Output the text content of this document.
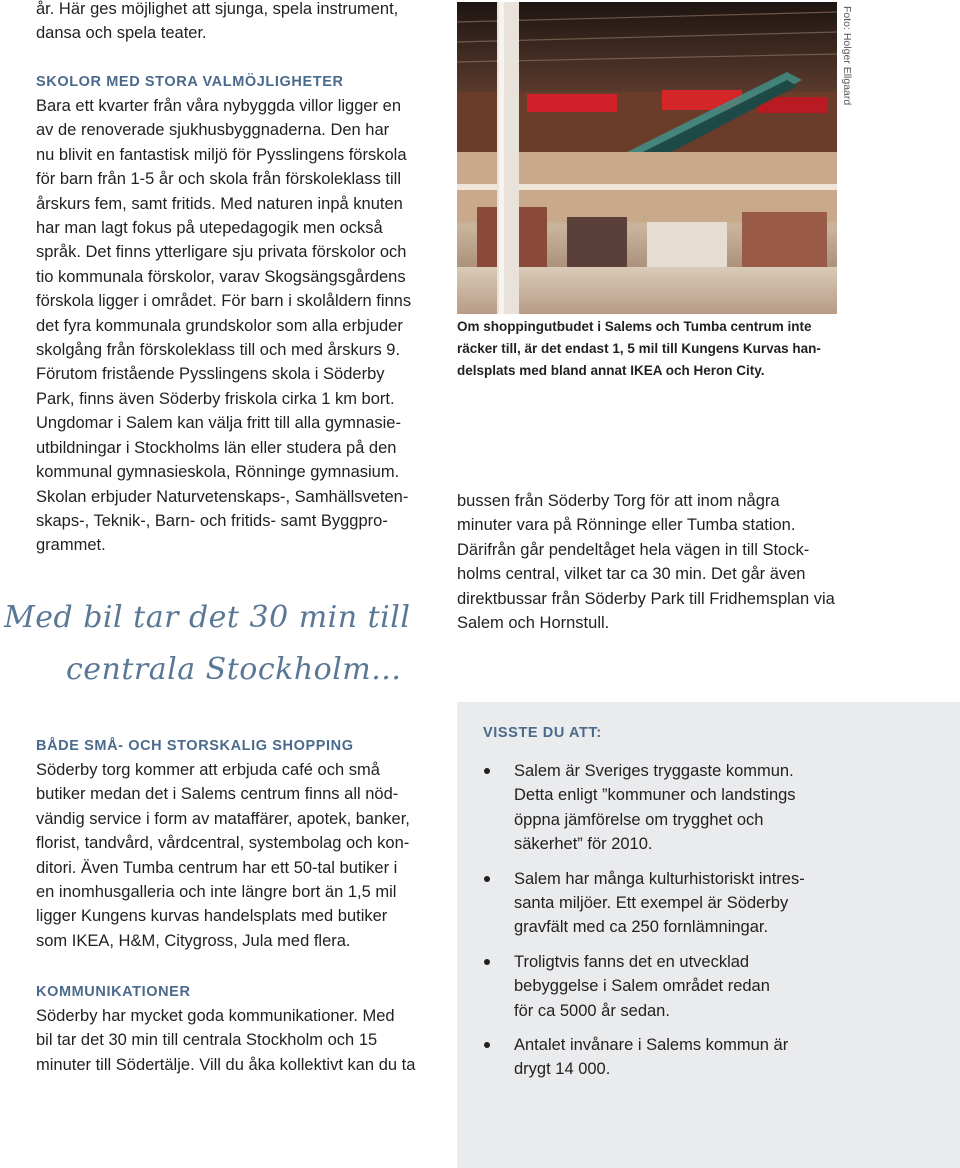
år. Här ges möjlighet att sjunga, spela instrument,
dansa och spela teater.
SKOLOR MED STORA VALMÖJLIGHETER
Bara ett kvarter från våra nybyggda villor ligger en
av de renoverade sjukhusbyggnaderna. Den har
nu blivit en fantastisk miljö för Pysslingens förskola
för barn från 1-5 år och skola från förskoleklass till
årskurs fem, samt fritids. Med naturen inpå knuten
har man lagt fokus på utepedagogik men också
språk. Det finns ytterligare sju privata förskolor och
tio kommunala förskolor, varav Skogsängsgårdens
förskola ligger i området. För barn i skolåldern finns
det fyra kommunala grundskolor som alla erbjuder
skolgång från förskoleklass till och med årskurs 9.
Förutom fristående Pysslingens skola i Söderby
Park, finns även Söderby friskola cirka 1 km bort.
Ungdomar i Salem kan välja fritt till alla gymnasie-
utbildningar i Stockholms län eller studera på den
kommunal gymnasieskola, Rönninge gymnasium.
Skolan erbjuder Naturvetenskaps-, Samhällsveten-
skaps-, Teknik-, Barn- och fritids- samt Byggpro-
grammet.
Med bil tar det 30 min till
centrala Stockholm...
BÅDE SMÅ- OCH STORSKALIG SHOPPING
Söderby torg kommer att erbjuda café och små
butiker medan det i Salems centrum finns all nöd-
vändig service i form av mataffärer, apotek, banker,
florist, tandvård, vårdcentral, systembolag och kon-
ditori. Även Tumba centrum har ett 50-tal butiker i
en inomhusgalleria och inte längre bort än 1,5 mil
ligger Kungens kurvas handelsplats med butiker
som IKEA, H&M, Citygross, Jula med flera.
KOMMUNIKATIONER
Söderby har mycket goda kommunikationer. Med
bil tar det 30 min till centrala Stockholm och 15
minuter till Södertälje. Vill du åka kollektivt kan du ta
Foto: Holger Ellgaard
Om shoppingutbudet i Salems och Tumba centrum inte
räcker till, är det endast 1, 5 mil till Kungens Kurvas han-
delsplats med bland annat IKEA och Heron City.
bussen från Söderby Torg för att inom några
minuter vara på Rönninge eller Tumba station.
Därifrån går pendeltåget hela vägen in till Stock-
holms central, vilket tar ca 30 min. Det går även
direktbussar från Söderby Park till Fridhemsplan via
Salem och Hornstull.
VISSTE DU ATT:
Salem är Sveriges tryggaste kommun.
Detta enligt ”kommuner och landstings
öppna jämförelse om trygghet och
säkerhet” för 2010.
Salem har många kulturhistoriskt intres-
santa miljöer. Ett exempel är Söderby
gravfält med ca 250 fornlämningar.
Troligtvis fanns det en utvecklad
bebyggelse i Salem området redan
för ca 5000 år sedan.
Antalet invånare i Salems kommun är
drygt 14 000.
